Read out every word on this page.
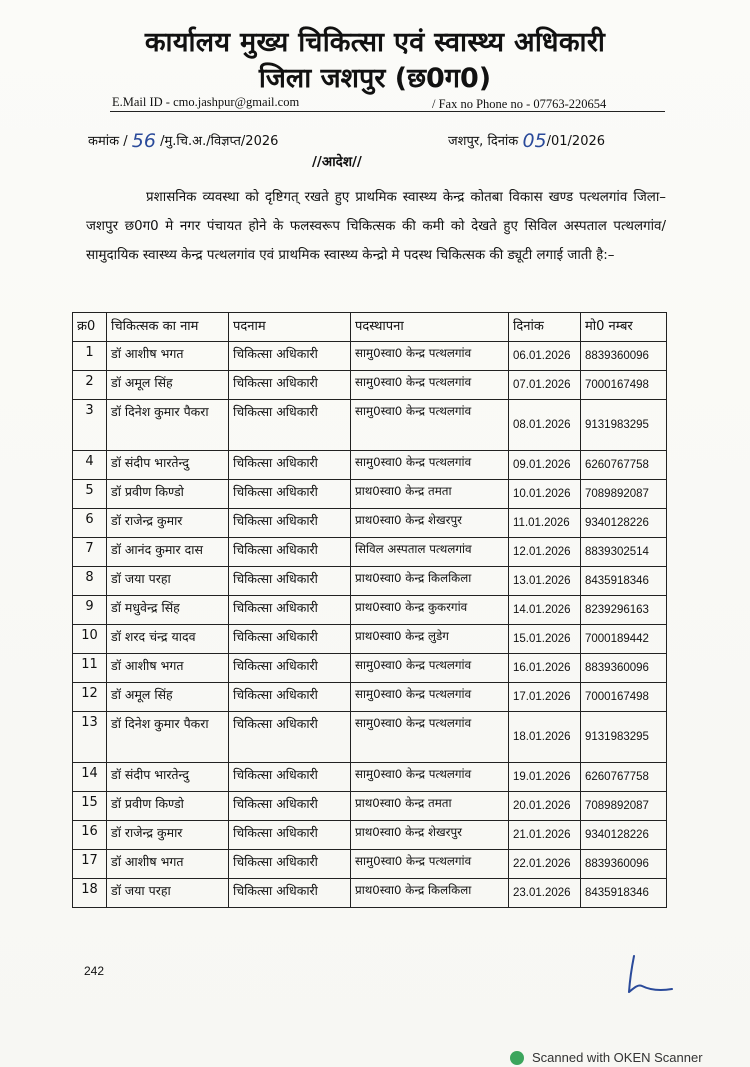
कार्यालय मुख्य चिकित्सा एवं स्वास्थ्य अधिकारी
जिला जशपुर (छ0ग0)
E.Mail ID - cmo.jashpur@gmail.com	/ Fax no Phone no - 07763-220654
कमांक / 56 /मु.चि.अ./विज्ञप्त/2026	जशपुर, दिनांक 05/01/2026
//आदेश//
प्रशासनिक व्यवस्था को दृष्टिगत् रखते हुए प्राथमिक स्वास्थ्य केन्द्र कोतबा विकास खण्ड पत्थलगांव जिला–जशपुर छ0ग0 मे नगर पंचायत होने के फलस्वरूप चिकित्सक की कमी को देखते हुए सिविल अस्पताल पत्थलगांव/सामुदायिक स्वास्थ्य केन्द्र पत्थलगांव एवं प्राथमिक स्वास्थ्य केन्द्रो मे पदस्थ चिकित्सक की ड्यूटी लगाई जाती है:–
क्र0	चिकित्सक का नाम	पदनाम	पदस्थापना	दिनांक	मो0 नम्बर
1	डॉ आशीष भगत	चिकित्सा अधिकारी	सामु0स्वा0 केन्द्र पत्थलगांव	06.01.2026	8839360096
2	डॉ अमूल सिंह	चिकित्सा अधिकारी	सामु0स्वा0 केन्द्र पत्थलगांव	07.01.2026	7000167498
3	डॉ दिनेश कुमार पैकरा	चिकित्सा अधिकारी	सामु0स्वा0 केन्द्र पत्थलगांव	08.01.2026	9131983295
4	डॉ संदीप भारतेन्दु	चिकित्सा अधिकारी	सामु0स्वा0 केन्द्र पत्थलगांव	09.01.2026	6260767758
5	डॉ प्रवीण किण्डो	चिकित्सा अधिकारी	प्राथ0स्वा0 केन्द्र तमता	10.01.2026	7089892087
6	डॉ राजेन्द्र कुमार	चिकित्सा अधिकारी	प्राथ0स्वा0 केन्द्र शेखरपुर	11.01.2026	9340128226
7	डॉ आनंद कुमार दास	चिकित्सा अधिकारी	सिविल अस्पताल पत्थलगांव	12.01.2026	8839302514
8	डॉ जया परहा	चिकित्सा अधिकारी	प्राथ0स्वा0 केन्द्र किलकिला	13.01.2026	8435918346
9	डॉ मधुवेन्द्र सिंह	चिकित्सा अधिकारी	प्राथ0स्वा0 केन्द्र कुकरगांव	14.01.2026	8239296163
10	डॉ शरद चंन्द्र यादव	चिकित्सा अधिकारी	प्राथ0स्वा0 केन्द्र लुडेग	15.01.2026	7000189442
11	डॉ आशीष भगत	चिकित्सा अधिकारी	सामु0स्वा0 केन्द्र पत्थलगांव	16.01.2026	8839360096
12	डॉ अमूल सिंह	चिकित्सा अधिकारी	सामु0स्वा0 केन्द्र पत्थलगांव	17.01.2026	7000167498
13	डॉ दिनेश कुमार पैकरा	चिकित्सा अधिकारी	सामु0स्वा0 केन्द्र पत्थलगांव	18.01.2026	9131983295
14	डॉ संदीप भारतेन्दु	चिकित्सा अधिकारी	सामु0स्वा0 केन्द्र पत्थलगांव	19.01.2026	6260767758
15	डॉ प्रवीण किण्डो	चिकित्सा अधिकारी	प्राथ0स्वा0 केन्द्र तमता	20.01.2026	7089892087
16	डॉ राजेन्द्र कुमार	चिकित्सा अधिकारी	प्राथ0स्वा0 केन्द्र शेखरपुर	21.01.2026	9340128226
17	डॉ आशीष भगत	चिकित्सा अधिकारी	सामु0स्वा0 केन्द्र पत्थलगांव	22.01.2026	8839360096
18	डॉ जया परहा	चिकित्सा अधिकारी	प्राथ0स्वा0 केन्द्र किलकिला	23.01.2026	8435918346
242
Scanned with OKEN Scanner
